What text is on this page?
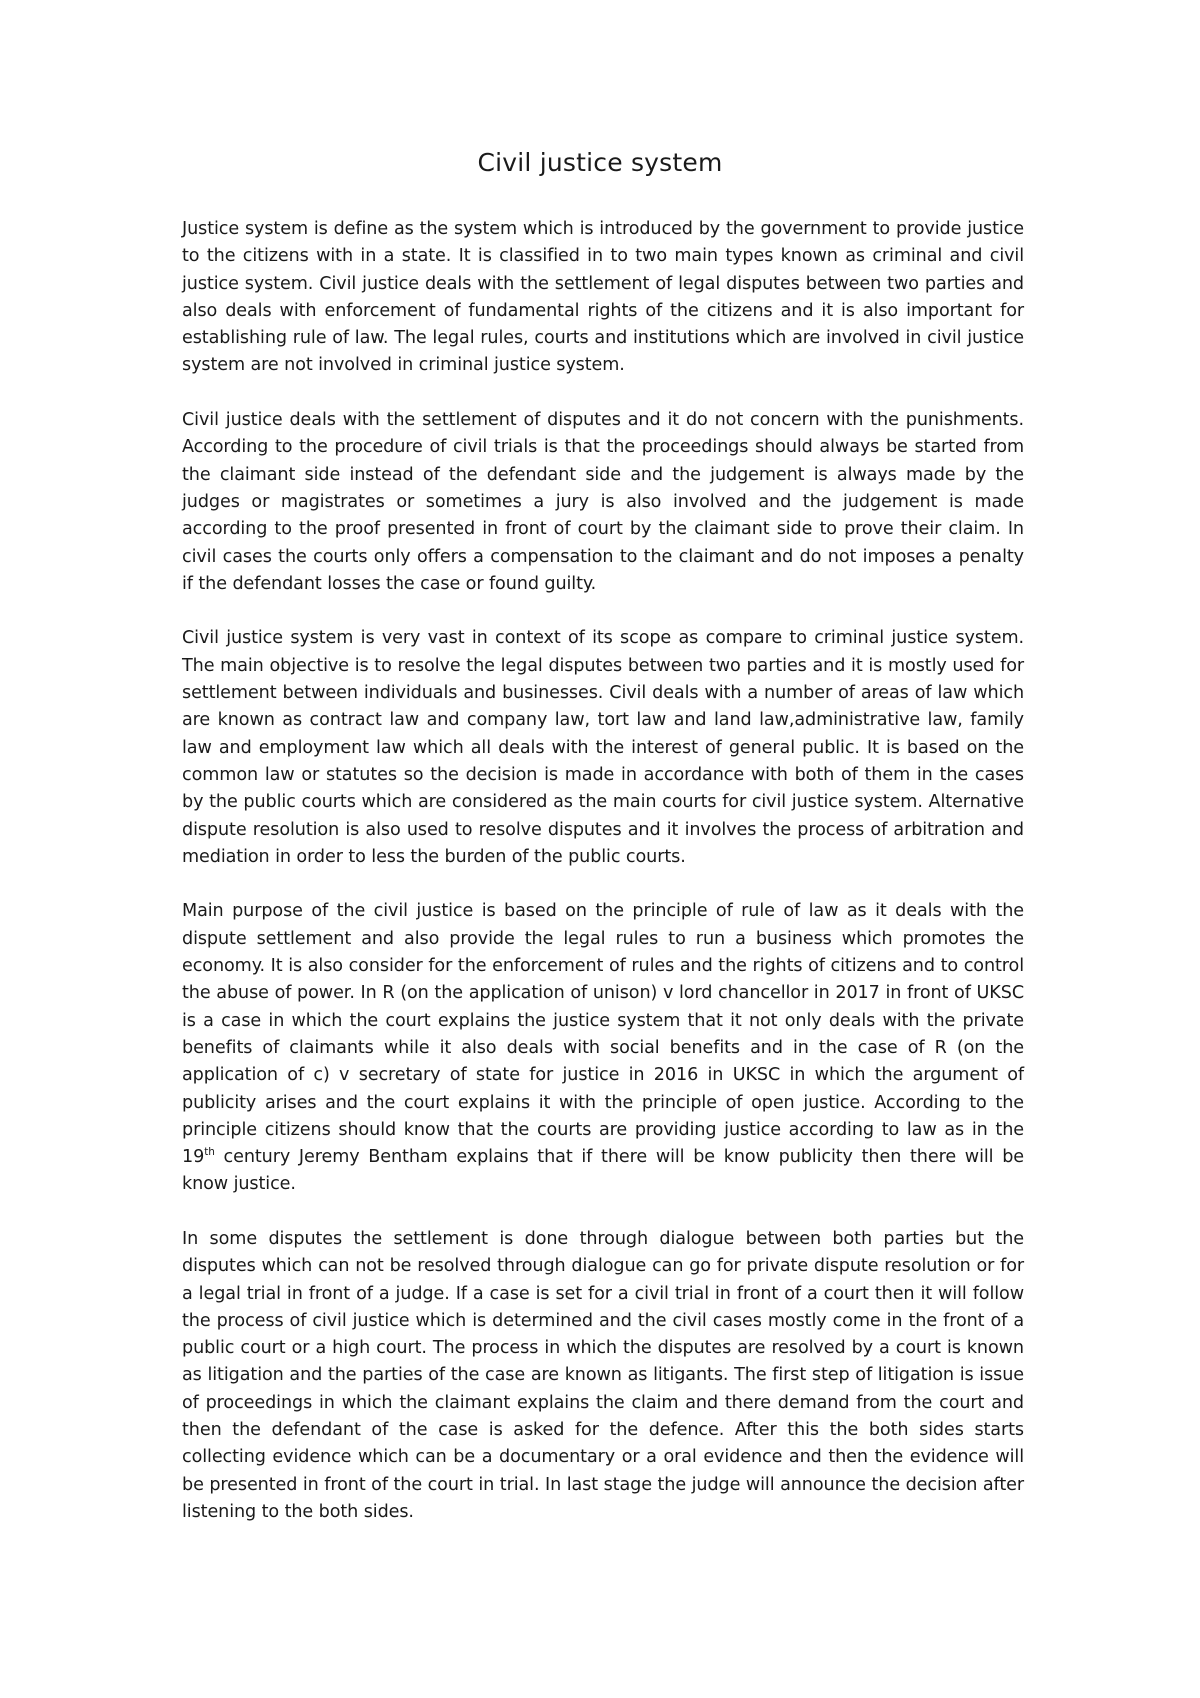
Civil justice system

Justice system is define as the system which is introduced by the government to provide justice to the citizens with in a state. It is classified in to two main types known as criminal and civil justice system. Civil justice deals with the settlement of legal disputes between two parties and also deals with enforcement of fundamental rights of the citizens and it is also important for establishing rule of law. The legal rules, courts and institutions which are involved in civil justice system are not involved in criminal justice system.

Civil justice deals with the settlement of disputes and it do not concern with the punishments. According to the procedure of civil trials is that the proceedings should always be started from the claimant side instead of the defendant side and the judgement is always made by the judges or magistrates or sometimes a jury is also involved and the judgement is made according to the proof presented in front of court by the claimant side to prove their claim. In civil cases the courts only offers a compensation to the claimant and do not imposes a penalty if the defendant losses the case or found guilty.

Civil justice system is very vast in context of its scope as compare to criminal justice system. The main objective is to resolve the legal disputes between two parties and it is mostly used for settlement between individuals and businesses. Civil deals with a number of areas of law which are known as contract law and company law, tort law and land law,administrative law, family law and employment law which all deals with the interest of general public. It is based on the common law or statutes so the decision is made in accordance with both of them in the cases by the public courts which are considered as the main courts for civil justice system. Alternative dispute resolution is also used to resolve disputes and it involves the process of arbitration and mediation in order to less the burden of the public courts.

Main purpose of the civil justice is based on the principle of rule of law as it deals with the dispute settlement and also provide the legal rules to run a business which promotes the economy. It is also consider for the enforcement of rules and the rights of citizens and to control the abuse of power. In R (on the application of unison) v lord chancellor in 2017 in front of UKSC is a case in which the court explains the justice system that it not only deals with the private benefits of claimants while it also deals with social benefits and in the case of R (on the application of c) v secretary of state for justice in 2016 in UKSC in which the argument of publicity arises and the court explains it with the principle of open justice. According to the principle citizens should know that the courts are providing justice according to law as in the 19th century Jeremy Bentham explains that if there will be know publicity then there will be know justice.

In some disputes the settlement is done through dialogue between both parties but the disputes which can not be resolved through dialogue can go for private dispute resolution or for a legal trial in front of a judge. If a case is set for a civil trial in front of a court then it will follow the process of civil justice which is determined and the civil cases mostly come in the front of a public court or a high court. The process in which the disputes are resolved by a court is known as litigation and the parties of the case are known as litigants. The first step of litigation is issue of proceedings in which the claimant explains the claim and there demand from the court and then the defendant of the case is asked for the defence. After this the both sides starts collecting evidence which can be a documentary or a oral evidence and then the evidence will be presented in front of the court in trial. In last stage the judge will announce the decision after listening to the both sides.
